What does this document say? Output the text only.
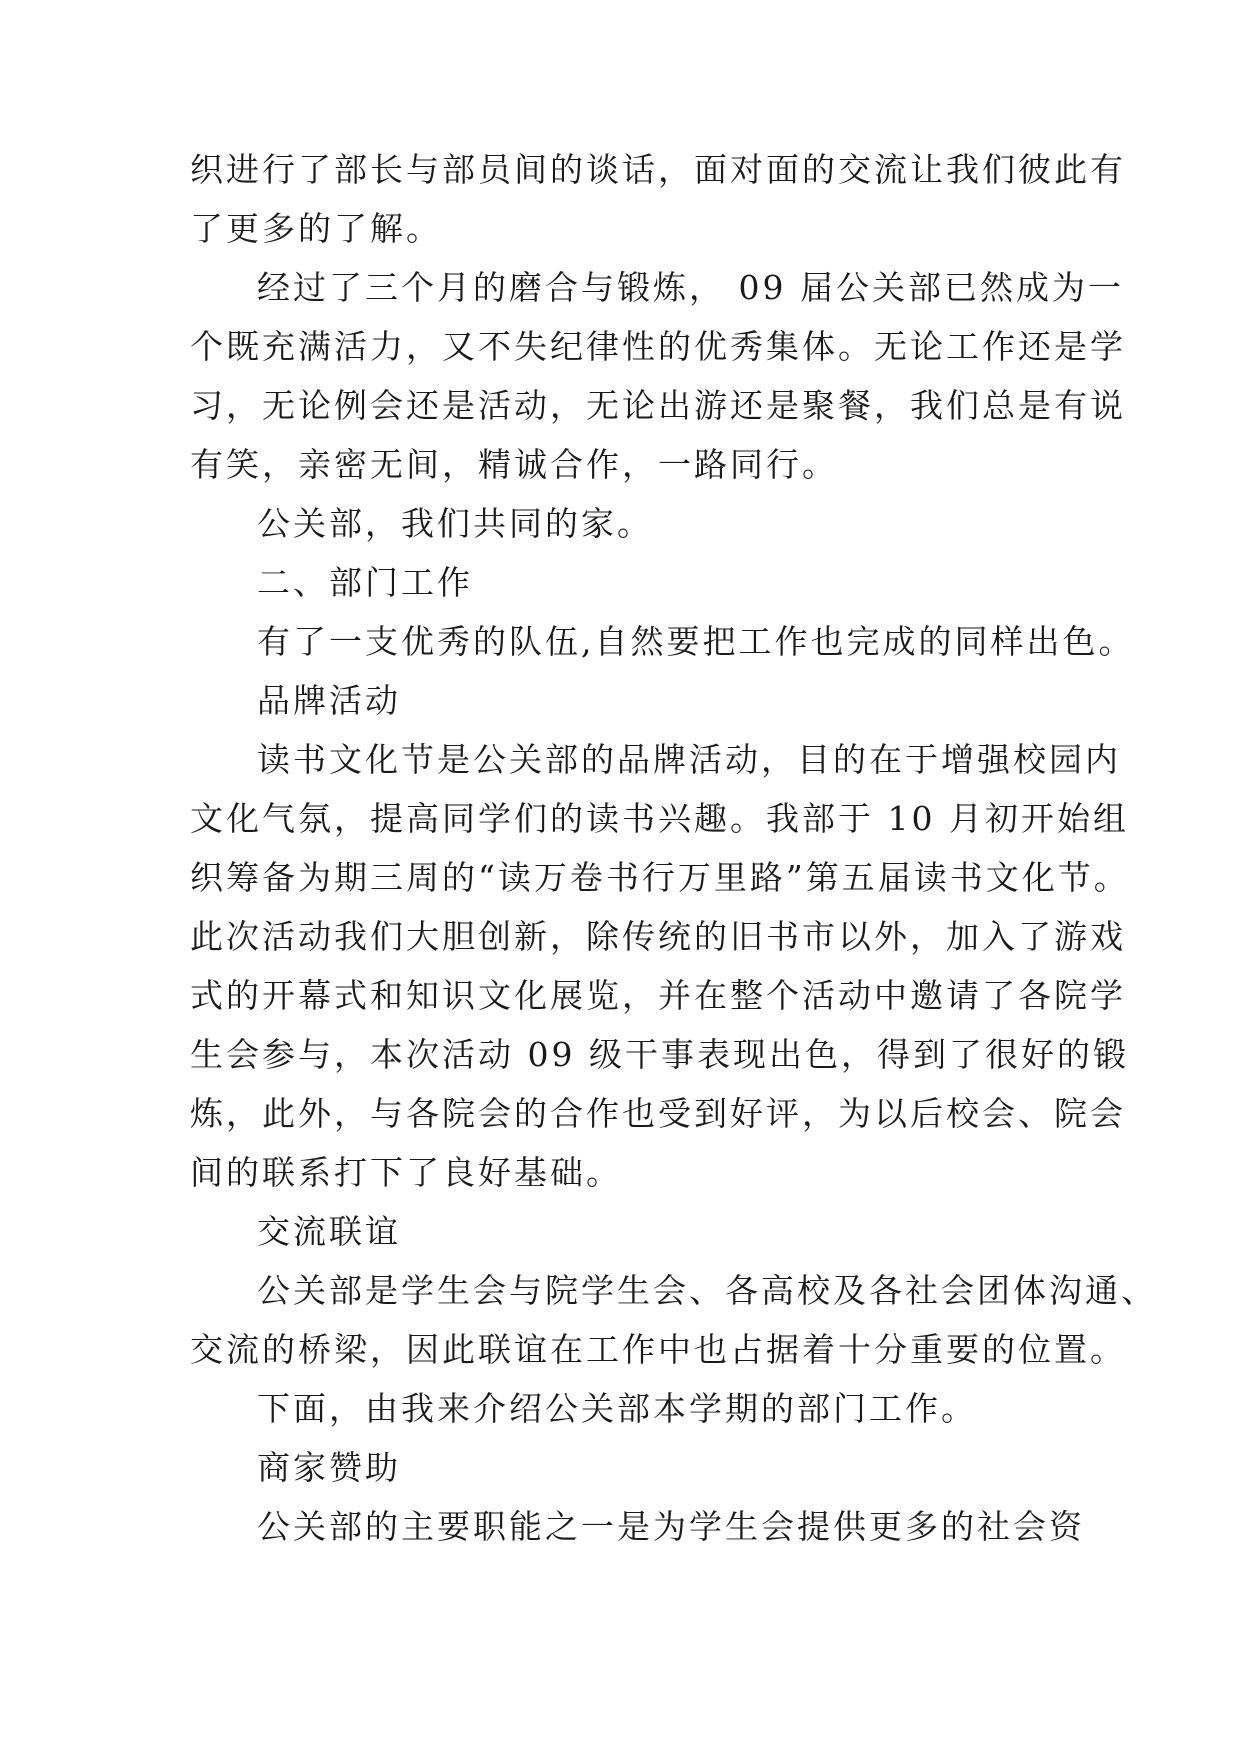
织进行了部长与部员间的谈话，面对面的交流让我们彼此有
了更多的了解。
经过了三个月的磨合与锻炼， 09 届公关部已然成为一
个既充满活力，又不失纪律性的优秀集体。无论工作还是学
习，无论例会还是活动，无论出游还是聚餐，我们总是有说
有笑，亲密无间，精诚合作，一路同行。
公关部，我们共同的家。
二、部门工作
有了一支优秀的队伍,自然要把工作也完成的同样出色。
品牌活动
读书文化节是公关部的品牌活动，目的在于增强校园内
文化气氛，提高同学们的读书兴趣。我部于 10 月初开始组
织筹备为期三周的“读万卷书行万里路”第五届读书文化节。
此次活动我们大胆创新，除传统的旧书市以外，加入了游戏
式的开幕式和知识文化展览，并在整个活动中邀请了各院学
生会参与，本次活动 09 级干事表现出色，得到了很好的锻
炼，此外，与各院会的合作也受到好评，为以后校会、院会
间的联系打下了良好基础。
交流联谊
公关部是学生会与院学生会、各高校及各社会团体沟通、
交流的桥梁，因此联谊在工作中也占据着十分重要的位置。
下面，由我来介绍公关部本学期的部门工作。
商家赞助
公关部的主要职能之一是为学生会提供更多的社会资
